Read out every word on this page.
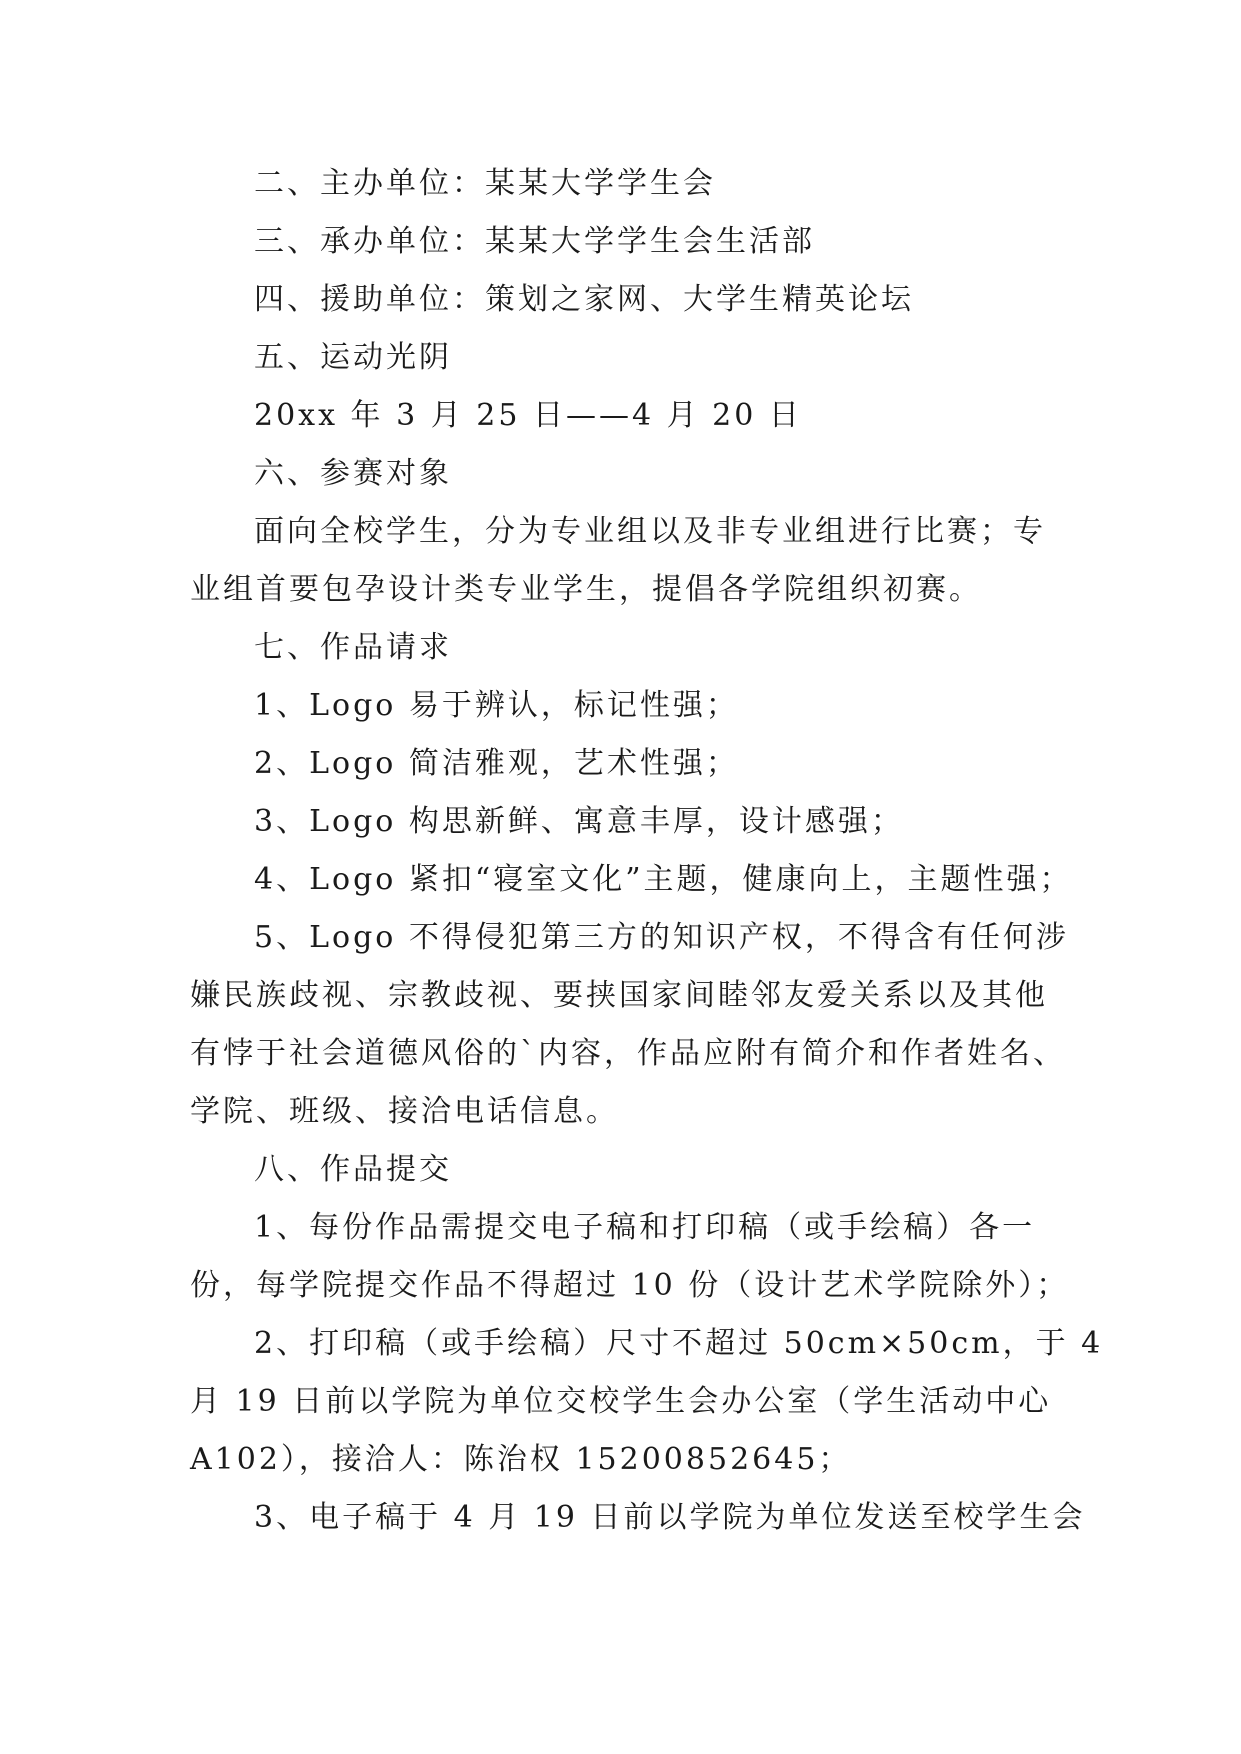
二、主办单位：某某大学学生会

三、承办单位：某某大学学生会生活部

四、援助单位：策划之家网、大学生精英论坛

五、运动光阴

20xx 年 3 月 25 日——4 月 20 日

六、参赛对象

面向全校学生，分为专业组以及非专业组进行比赛；专

业组首要包孕设计类专业学生，提倡各学院组织初赛。

七、作品请求

1、Logo 易于辨认，标记性强；

2、Logo 简洁雅观，艺术性强；

3、Logo 构思新鲜、寓意丰厚，设计感强；

4、Logo 紧扣“寝室文化”主题，健康向上，主题性强；

5、Logo 不得侵犯第三方的知识产权，不得含有任何涉

嫌民族歧视、宗教歧视、要挟国家间睦邻友爱关系以及其他

有悖于社会道德风俗的`内容，作品应附有简介和作者姓名、

学院、班级、接洽电话信息。

八、作品提交

1、每份作品需提交电子稿和打印稿（或手绘稿）各一

份，每学院提交作品不得超过 10 份（设计艺术学院除外）；

2、打印稿（或手绘稿）尺寸不超过 50cm×50cm，于 4

月 19 日前以学院为单位交校学生会办公室（学生活动中心

A102），接洽人：陈治权 15200852645；

3、电子稿于 4 月 19 日前以学院为单位发送至校学生会
